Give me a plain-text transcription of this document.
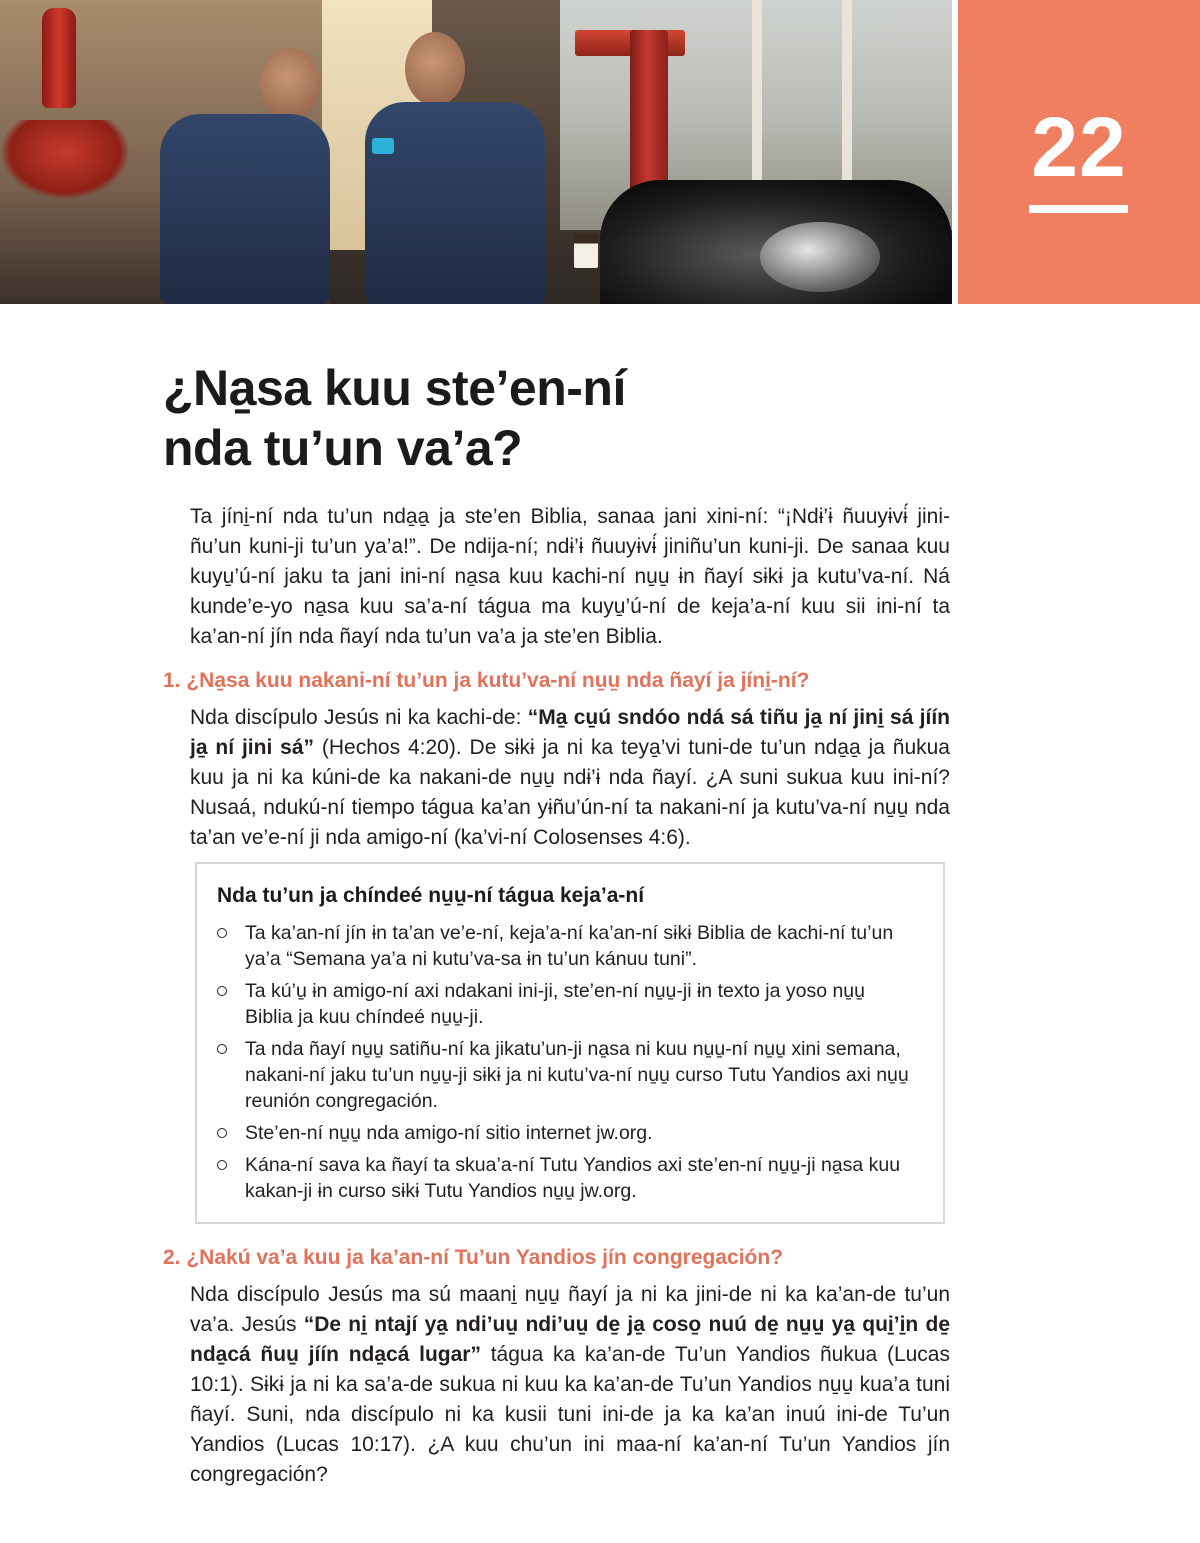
22
¿Na̱sa kuu ste’en-ní
nda tu’un va’a?

Ta jíni̱-ní nda tu’un nda̱a̱ ja ste’en Biblia, sanaa jani xini-ní: “¡Ndɨ’ɨ ñuuyɨvɨ́ jini-ñu’un kuni-ji tu’un ya’a!”. De ndija-ní; ndɨ’ɨ ñuuyɨvɨ́ jiniñu’un kuni-ji. De sanaa kuu kuyu̱’ú-ní jaku ta jani ini-ní na̱sa kuu kachi-ní nu̱u̱ ɨn ñayí sɨkɨ ja kutu’va-ní. Ná kunde’e-yo na̱sa kuu sa’a-ní tágua ma kuyu̱’ú-ní de keja’a-ní kuu sii ini-ní ta ka’an-ní jín nda ñayí nda tu’un va’a ja ste’en Biblia.

1. ¿Na̱sa kuu nakani-ní tu’un ja kutu’va-ní nu̱u̱ nda ñayí ja jíni̱-ní?

Nda discípulo Jesús ni ka kachi-de: “Ma̱ cu̱ú sndóo ndá sá tiñu ja̱ ní jini̱ sá jíín ja̱ ní jini sá” (Hechos 4:20). De sɨkɨ ja ni ka teya̱’vi tuni-de tu’un nda̱a̱ ja ñukua kuu ja ni ka kúni-de ka nakani-de nu̱u̱ ndɨ’ɨ nda ñayí. ¿A suni sukua kuu ini-ní? Nusaá, ndukú-ní tiempo tágua ka’an yɨñu’ún-ní ta nakani-ní ja kutu’va-ní nu̱u̱ nda ta’an ve’e-ní ji nda amigo-ní (ka’vi-ní Colosenses 4:6).

Nda tu’un ja chíndeé nu̱u̱-ní tágua keja’a-ní
Ta ka’an-ní jín ɨn ta’an ve’e-ní, keja’a-ní ka’an-ní sɨkɨ Biblia de kachi-ní tu’un ya’a “Semana ya’a ni kutu’va-sa ɨn tu’un kánuu tuni”.
Ta kú’u̱ ɨn amigo-ní axi ndakani ini-ji, ste’en-ní nu̱u̱-ji ɨn texto ja yoso nu̱u̱ Biblia ja kuu chíndeé nu̱u̱-ji.
Ta nda ñayí nu̱u̱ satiñu-ní ka jikatu’un-ji na̱sa ni kuu nu̱u̱-ní nu̱u̱ xini semana, nakani-ní jaku tu’un nu̱u̱-ji sɨkɨ ja ni kutu’va-ní nu̱u̱ curso Tutu Yandios axi nu̱u̱ reunión congregación.
Ste’en-ní nu̱u̱ nda amigo-ní sitio internet jw.org.
Kána-ní sava ka ñayí ta skua’a-ní Tutu Yandios axi ste’en-ní nu̱u̱-ji na̱sa kuu kakan-ji ɨn curso sɨkɨ Tutu Yandios nu̱u̱ jw.org.
2. ¿Nakú va’a kuu ja ka’an-ní Tu’un Yandios jín congregación?

Nda discípulo Jesús ma sú maani̱ nu̱u̱ ñayí ja ni ka jini-de ni ka ka’an-de tu’un va’a. Jesús “De ni̱ ntají ya̱ ndi’uu̱ ndi’uu̱ de̱ ja̱ coso̱ nuú de̱ nu̱u̱ ya̱ qui̱’i̱n de̱ nda̱cá ñuu̱ jíín nda̱cá lugar” tágua ka ka’an-de Tu’un Yandios ñukua (Lucas 10:1). Sɨkɨ ja ni ka sa’a-de sukua ni kuu ka ka’an-de Tu’un Yandios nu̱u̱ kua’a tuni ñayí. Suni, nda discípulo ni ka kusii tuni ini-de ja ka ka’an inuú ini-de Tu’un Yandios (Lucas 10:17). ¿A kuu chu’un ini maa-ní ka’an-ní Tu’un Yandios jín congregación?
